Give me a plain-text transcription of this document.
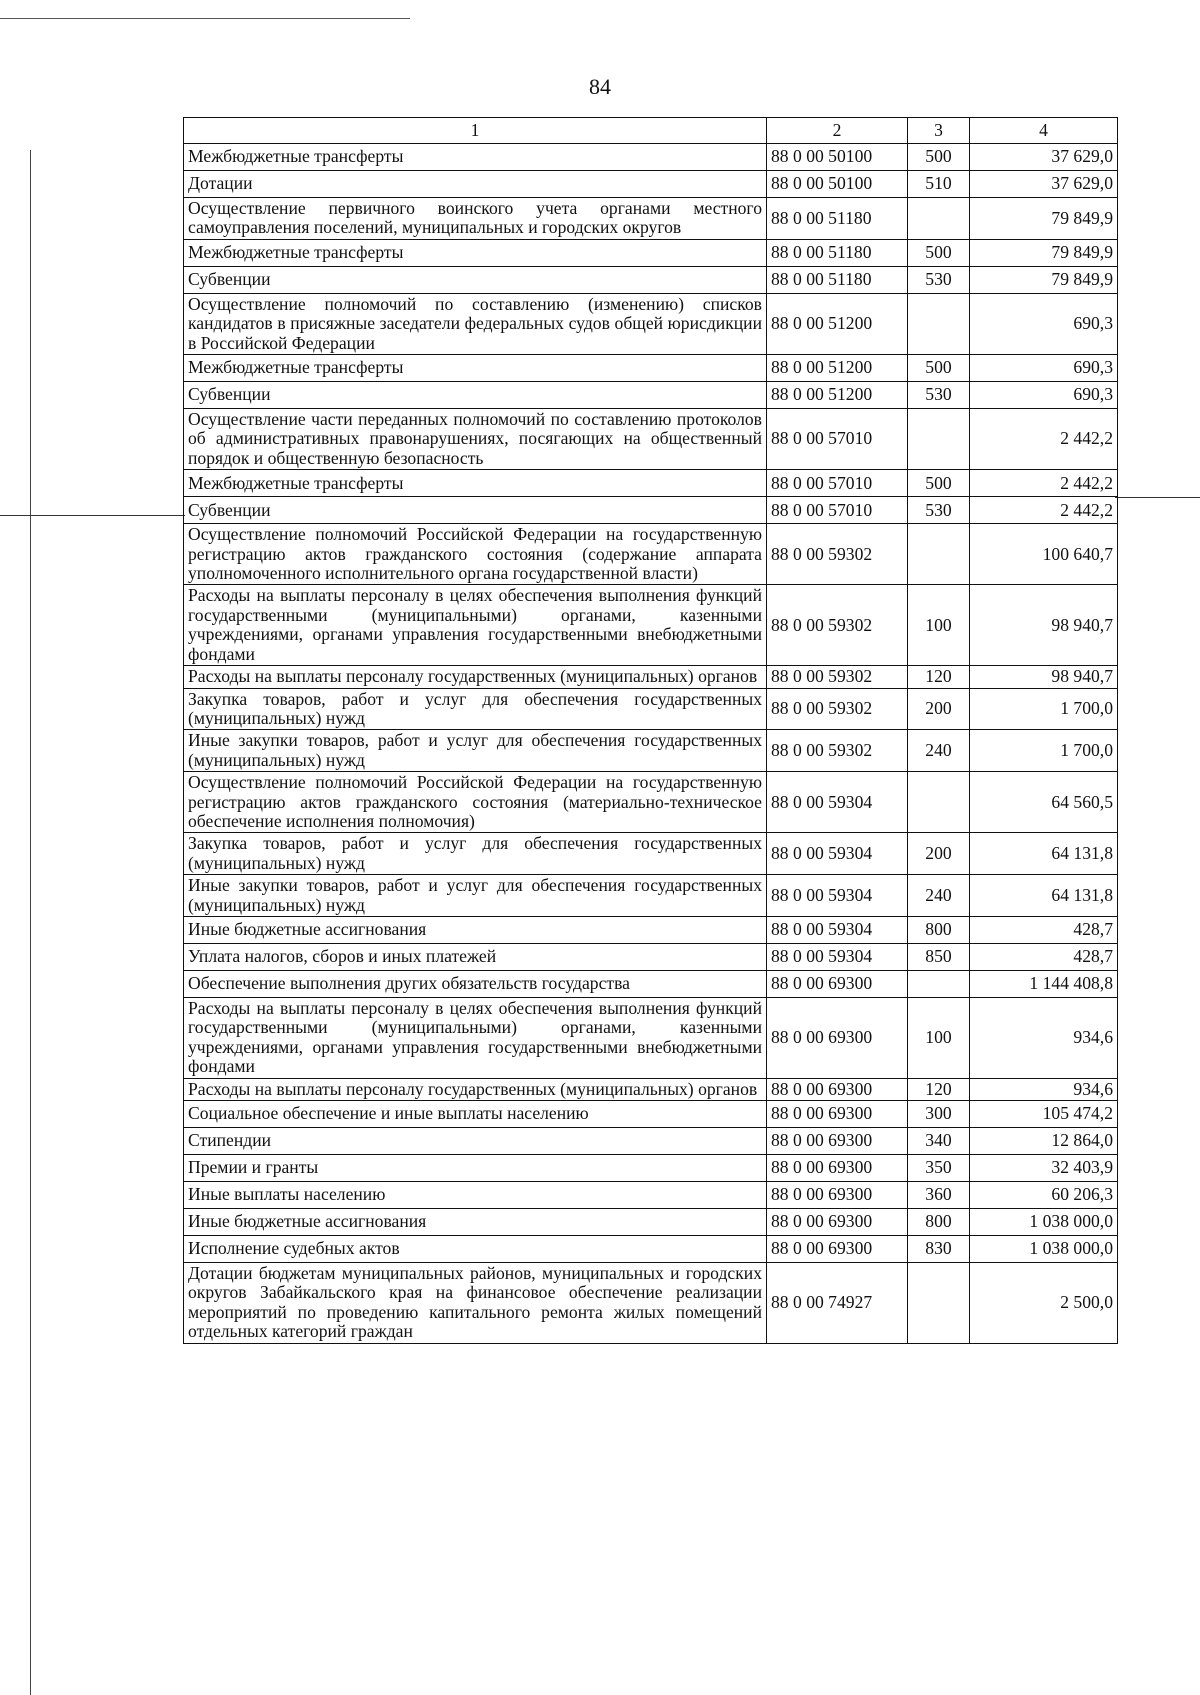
84
1	2	3	4
Межбюджетные трансферты	88 0 00 50100	500	37 629,0
Дотации	88 0 00 50100	510	37 629,0
Осуществление первичного воинского учета органами местного самоуправления поселений, муниципальных и городских округов	88 0 00 51180		79 849,9
Межбюджетные трансферты	88 0 00 51180	500	79 849,9
Субвенции	88 0 00 51180	530	79 849,9
Осуществление полномочий по составлению (изменению) списков кандидатов в присяжные заседатели федеральных судов общей юрисдикции в Российской Федерации	88 0 00 51200		690,3
Межбюджетные трансферты	88 0 00 51200	500	690,3
Субвенции	88 0 00 51200	530	690,3
Осуществление части переданных полномочий по составлению протоколов об административных правонарушениях, посягающих на общественный порядок и общественную безопасность	88 0 00 57010		2 442,2
Межбюджетные трансферты	88 0 00 57010	500	2 442,2
Субвенции	88 0 00 57010	530	2 442,2
Осуществление полномочий Российской Федерации на государственную регистрацию актов гражданского состояния (содержание аппарата уполномоченного исполнительного органа государственной власти)	88 0 00 59302		100 640,7
Расходы на выплаты персоналу в целях обеспечения выполнения функций государственными (муниципальными) органами, казенными учреждениями, органами управления государственными внебюджетными фондами	88 0 00 59302	100	98 940,7
Расходы на выплаты персоналу государственных (муниципальных) органов	88 0 00 59302	120	98 940,7
Закупка товаров, работ и услуг для обеспечения государственных (муниципальных) нужд	88 0 00 59302	200	1 700,0
Иные закупки товаров, работ и услуг для обеспечения государственных (муниципальных) нужд	88 0 00 59302	240	1 700,0
Осуществление полномочий Российской Федерации на государственную регистрацию актов гражданского состояния (материально-техническое обеспечение исполнения полномочия)	88 0 00 59304		64 560,5
Закупка товаров, работ и услуг для обеспечения государственных (муниципальных) нужд	88 0 00 59304	200	64 131,8
Иные закупки товаров, работ и услуг для обеспечения государственных (муниципальных) нужд	88 0 00 59304	240	64 131,8
Иные бюджетные ассигнования	88 0 00 59304	800	428,7
Уплата налогов, сборов и иных платежей	88 0 00 59304	850	428,7
Обеспечение выполнения других обязательств государства	88 0 00 69300		1 144 408,8
Расходы на выплаты персоналу в целях обеспечения выполнения функций государственными (муниципальными) органами, казенными учреждениями, органами управления государственными внебюджетными фондами	88 0 00 69300	100	934,6
Расходы на выплаты персоналу государственных (муниципальных) органов	88 0 00 69300	120	934,6
Социальное обеспечение и иные выплаты населению	88 0 00 69300	300	105 474,2
Стипендии	88 0 00 69300	340	12 864,0
Премии и гранты	88 0 00 69300	350	32 403,9
Иные выплаты населению	88 0 00 69300	360	60 206,3
Иные бюджетные ассигнования	88 0 00 69300	800	1 038 000,0
Исполнение судебных актов	88 0 00 69300	830	1 038 000,0
Дотации бюджетам муниципальных районов, муниципальных и городских округов Забайкальского края на финансовое обеспечение реализации мероприятий по проведению капитального ремонта жилых помещений отдельных категорий граждан	88 0 00 74927		2 500,0
